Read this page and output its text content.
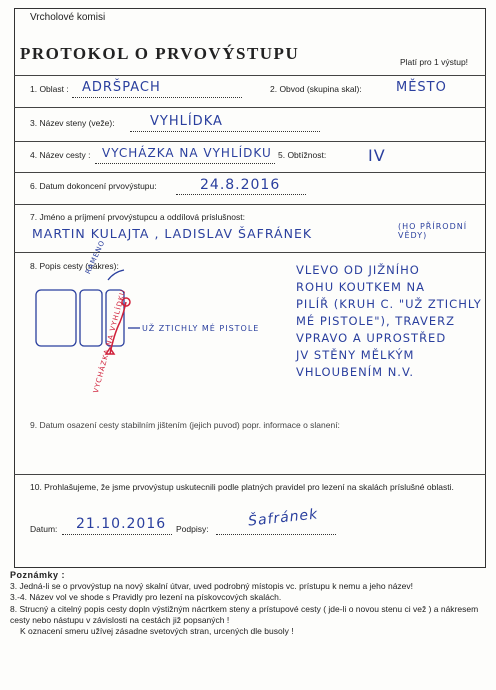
Vrcholové komisi
PROTOKOL O PRVOVÝSTUPU	Platí pro 1 výstup!
1. Oblast : ADRŠPACH	2. Obvod (skupina skal):	MĚSTO
3. Název steny (veže):	VYHLÍDKA
4. Název cesty : VYCHÁZKA NA VYHLÍDKU 5. Obtížnost:	IV
6. Datum dokoncení prvovýstupu:	24.8.2016
7. Jméno a príjmení prvovýstupcu a oddílová príslušnost:
MARTIN KULAJTA , LADISLAV ŠAFRÁNEK	(HO PŘÍRODNÍ VĚDY)
8. Popis cesty (nákres):
RAMENO
UŽ ZTICHLY MÉ PISTOLE
VYCHÁZKA NA VYHLÍDKU
VLEVO OD JIŽNÍHO
ROHU KOUTKEM NA
PILÍŘ (KRUH C. "UŽ ZTICHLY
MÉ PISTOLE"), TRAVERZ
VPRAVO A UPROSTŘED
JV STĚNY MĚLKÝM
VHLOUBENÍM N.V.
9. Datum osazení cesty stabilním jištením (jejich puvod) popr. informace o slanení:
10. Prohlašujeme, že jsme prvovýstup uskutecnili podle platných pravidel pro lezení na skalách príslušné oblasti.
Datum: 21.10.2016 Podpisy:	Šafránek
Poznámky :
3. Jedná-li se o prvovýstup na nový skalní útvar, uved podrobný místopis vc. prístupu k nemu a jeho název!
3.-4. Název vol ve shode s Pravidly pro lezení na pískovcových skalách.
8. Strucný a citelný popis cesty dopln výstižným nácrtkem steny a prístupové cesty ( jde-li o novou stenu ci vež ) a nákresem cesty nebo nástupu v závislosti na cestách již popsaných !
K oznacení smeru užívej zásadne svetových stran, urcených dle busoly !
